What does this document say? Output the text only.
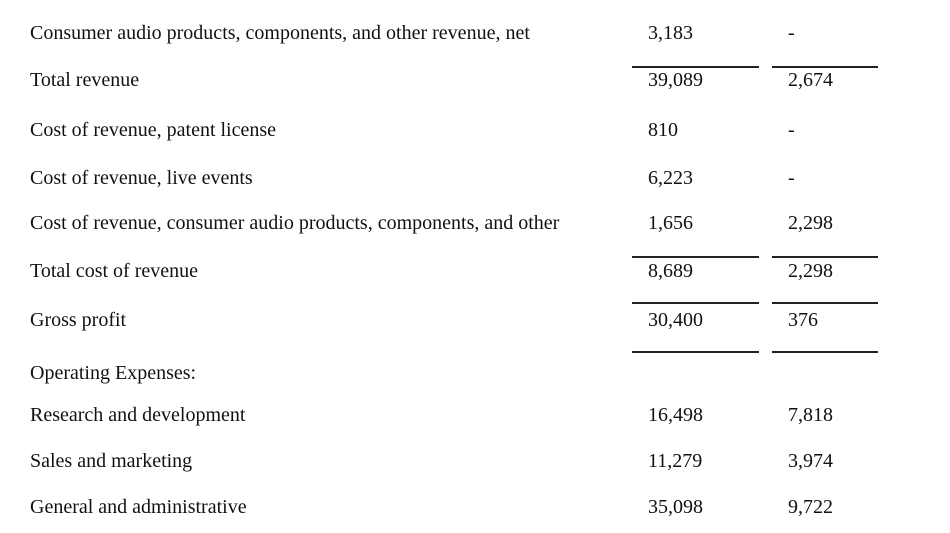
Consumer audio products, components, and other revenue, net	3,183	-
Total revenue	39,089	2,674
Cost of revenue, patent license	810	-
Cost of revenue, live events	6,223	-
Cost of revenue, consumer audio products, components, and other	1,656	2,298
Total cost of revenue	8,689	2,298
Gross profit	30,400	376
Operating Expenses:
Research and development	16,498	7,818
Sales and marketing	11,279	3,974
General and administrative	35,098	9,722
